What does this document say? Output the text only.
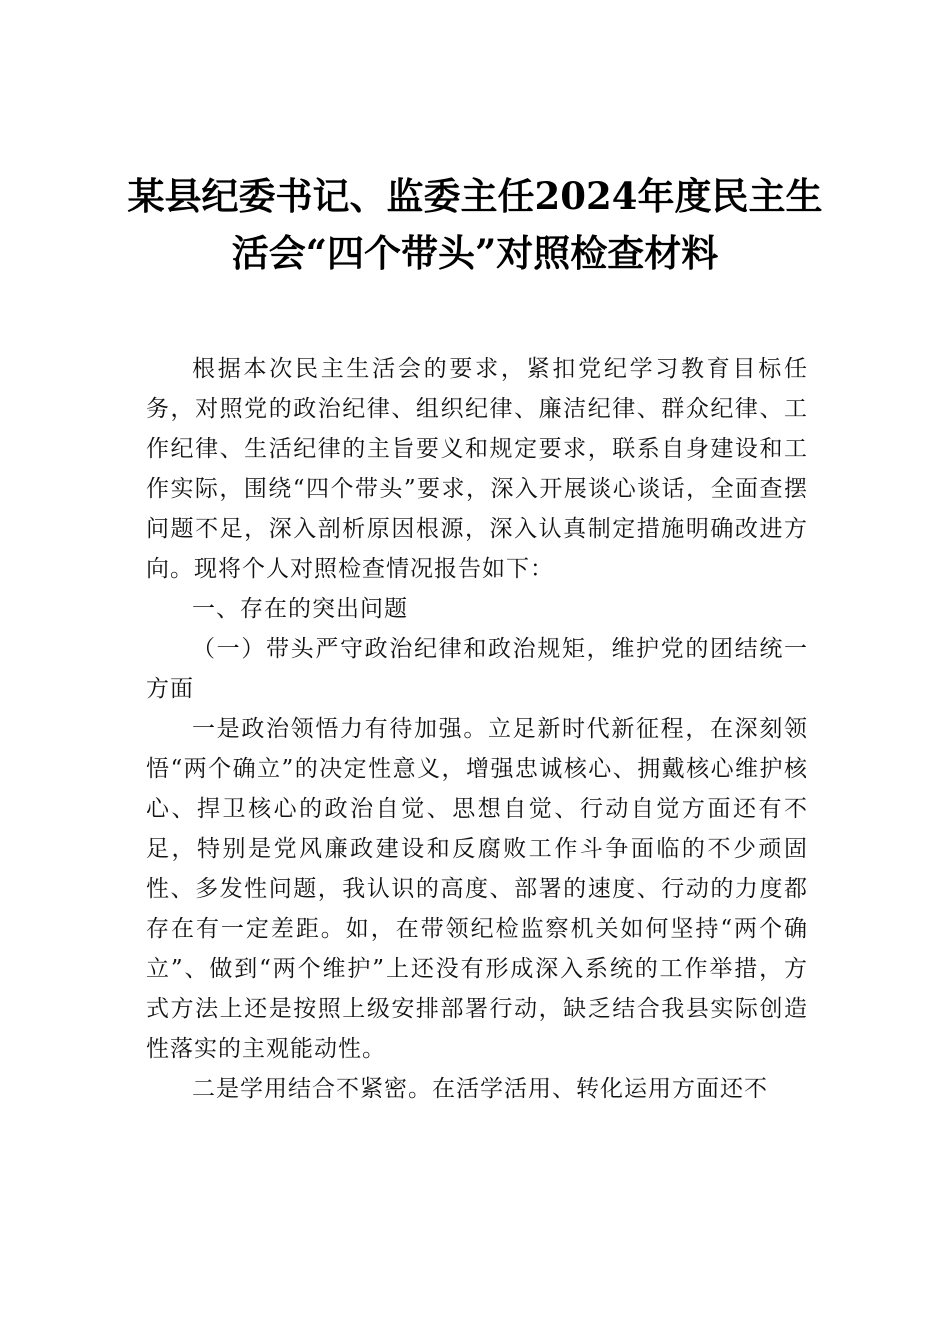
某县纪委书记、监委主任2024年度民主生活会“四个带头”对照检查材料

根据本次民主生活会的要求，紧扣党纪学习教育目标任务，对照党的政治纪律、组织纪律、廉洁纪律、群众纪律、工作纪律、生活纪律的主旨要义和规定要求，联系自身建设和工作实际，围绕“四个带头”要求，深入开展谈心谈话，全面查摆问题不足，深入剖析原因根源，深入认真制定措施明确改进方向。现将个人对照检查情况报告如下：

一、存在的突出问题

（一）带头严守政治纪律和政治规矩，维护党的团结统一方面

一是政治领悟力有待加强。立足新时代新征程，在深刻领悟“两个确立”的决定性意义，增强忠诚核心、拥戴核心维护核心、捍卫核心的政治自觉、思想自觉、行动自觉方面还有不足，特别是党风廉政建设和反腐败工作斗争面临的不少顽固性、多发性问题，我认识的高度、部署的速度、行动的力度都存在有一定差距。如，在带领纪检监察机关如何坚持“两个确立”、做到“两个维护”上还没有形成深入系统的工作举措，方式方法上还是按照上级安排部署行动，缺乏结合我县实际创造性落实的主观能动性。

二是学用结合不紧密。在活学活用、转化运用方面还不
